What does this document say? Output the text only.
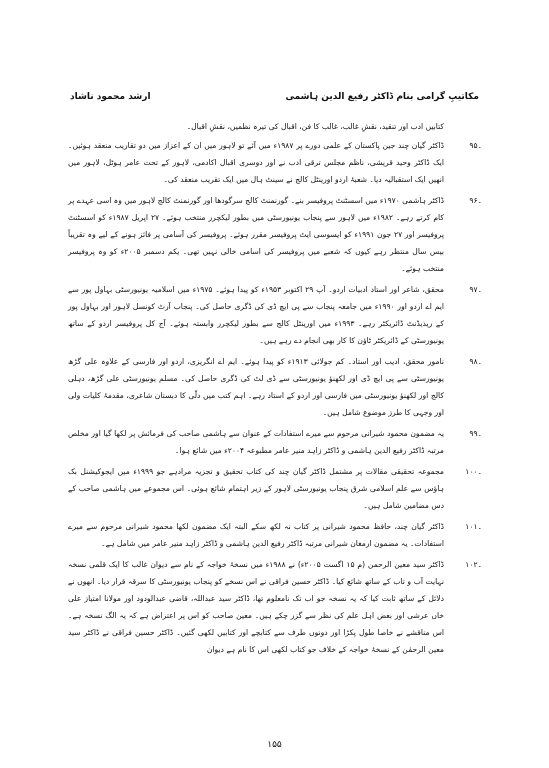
مکاتیبِ گرامی بنام ڈاکٹر رفیع الدین ہاشمی
ارشد محمود ناشاد

کتابیں ادب اور تنقید، نقشِ غالب، غالب کا فن، اقبال کی تیرہ نظمیں، نقشِ اقبال۔

۹۵۔
ڈاکٹر گیان چند جین پاکستان کے علمی دورے پر ۱۹۸۷ء میں آئے تو لاہور میں ان کے اعزاز میں دو تقاریب منعقد ہوئیں۔ ایک ڈاکٹر وحید قریشی، ناظم مجلس ترقی ادب نے اور دوسری اقبال اکادمی، لاہور کے تحت عامر ہوٹل، لاہور میں انھیں ایک استقبالیہ دیا۔ شعبۂ اردو اورینٹل کالج نے سینٹ ہال میں ایک تقریب منعقد کی۔
۹۶۔
ڈاکٹر ہاشمی ۱۹۷۰ء میں اسسٹنٹ پروفیسر بنے۔ گورنمنٹ کالج سرگودھا اور گورنمنٹ کالج لاہور میں وہ اسی عہدے پر کام کرتے رہے۔ ۱۹۸۲ء میں لاہور سے پنجاب یونیورسٹی میں بطور لیکچرر منتخب ہوئے۔ ۲۷ اپریل ۱۹۸۷ء کو اسسٹنٹ پروفیسر اور ۲۷ جون ۱۹۹۱ء کو ایسوسی ایٹ پروفیسر مقرر ہوئے۔ پروفیسر کی آسامی پر فائز ہونے کے لیے وہ تقریباً بیس سال منتظر رہے کیوں کہ شعبے میں پروفیسر کی اسامی خالی نہیں تھی۔ یکم دسمبر ۲۰۰۵ء کو وہ پروفیسر منتخب ہوئے۔
۹۷۔
محقق، شاعر اور استاد ادبیات اردو۔ آپ ۲۹ اکتوبر ۱۹۵۳ء کو پیدا ہوئے۔ ۱۹۷۵ء میں اسلامیہ یونیورسٹی بہاول پور سے ایم اے اردو اور ۱۹۹۰ء میں جامعہ پنجاب سے پی ایچ ڈی کی ڈگری حاصل کی۔ پنجاب آرٹ کونسل لاہور اور بہاول پور کے ریذیڈنٹ ڈائریکٹر رہے۔ ۱۹۹۳ء میں اورینٹل کالج سے بطور لیکچرر وابستہ ہوئے۔ آج کل پروفیسر اردو کے ساتھ یونیورسٹی کے ڈائریکٹر ٹاؤن کا کار بھی انجام دے رہے ہیں۔
۹۸۔
نامور محقق، ادیب اور استاد۔ کم جولائی ۱۹۱۳ء کو پیدا ہوئے۔ ایم اے انگریزی، اردو اور فارسی کے علاوہ علی گڑھ یونیورسٹی سے پی ایچ ڈی اور لکھنؤ یونیورسٹی سے ڈی لٹ کی ڈگری حاصل کی۔ مسلم یونیورسٹی علی گڑھ، دہلی کالج اور لکھنؤ یونیورسٹی میں فارسی اور اردو کے استاد رہے۔ اہم کتب میں دلّی کا دبستان شاعری، مقدمۂ کلیات ولی اور وجہی کا طرز موضوع شامل ہیں۔
۹۹۔
یہ مضمون محمود شیرانی مرحوم سے میرے استفادات کے عنوان سے ہاشمی صاحب کی فرمائش پر لکھا گیا اور مخلص مرتبہ ڈاکٹر رفیع الدین ہاشمی و ڈاکٹر زاہد منیر عامر مطبوعہ ۲۰۰۴ء میں شائع ہوا۔
۱۰۰۔
مجموعہ تحقیقی مقالات پر مشتمل ڈاکٹر گیان چند کی کتاب تحقیق و تجزیہ مرادہے جو ۱۹۹۹ء میں ایجوکیشنل بک ہاؤس سے علم اسلامی شرق پنجاب یونیورسٹی لاہور کے زیر اہتمام شائع ہوئی۔ اس مجموعے میں ہاشمی صاحب کے دس مضامین شامل ہیں۔
۱۰۱۔
ڈاکٹر گیان چند، حافظ محمود شیرانی پر کتاب نہ لکھ سکے البتہ ایک مضمون لکھا محمود شیرانی مرحوم سے میرے استفادات۔ یہ مضمون ارمغان شیرانی مرتبہ ڈاکٹر رفیع الدین ہاشمی و ڈاکٹر زاہد منیر عامر میں شامل ہے۔
۱۰۲۔
ڈاکٹر سید معین الرحمن (م ۱۵ اگست ۲۰۰۵ء) نے ۱۹۸۸ء میں نسخۂ خواجہ کے نام سے دیوان غالب کا ایک قلمی نسخہ نہایت آب و تاب کے ساتھ شائع کیا۔ ڈاکٹر حسین فراقی نے اس نسخے کو پنجاب یونیورسٹی کا سرقہ قرار دیا۔ انھوں نے دلائل کے ساتھ ثابت کیا کہ یہ نسخہ جو اب تک نامعلوم تھا، ڈاکٹر سید عبداللہ، قاضی عبدالودود اور مولانا امتیاز علی خاں عرشی اور بعض اہل علم کی نظر سے گزر چکے ہیں۔ معین صاحب کو اس پر اعتراض ہے کہ یہ الگ نسخہ ہے۔ اس مناقشے نے خاصا طول پکڑا اور دونوں طرف سے کتابچے اور کتابیں لکھی گئیں۔ ڈاکٹر حسین فراقی نے ڈاکٹر سید معین الرحمٰن کے نسخۂ خواجہ کے خلاف جو کتاب لکھی اس کا نام ہے دیوان
۱۵۵
